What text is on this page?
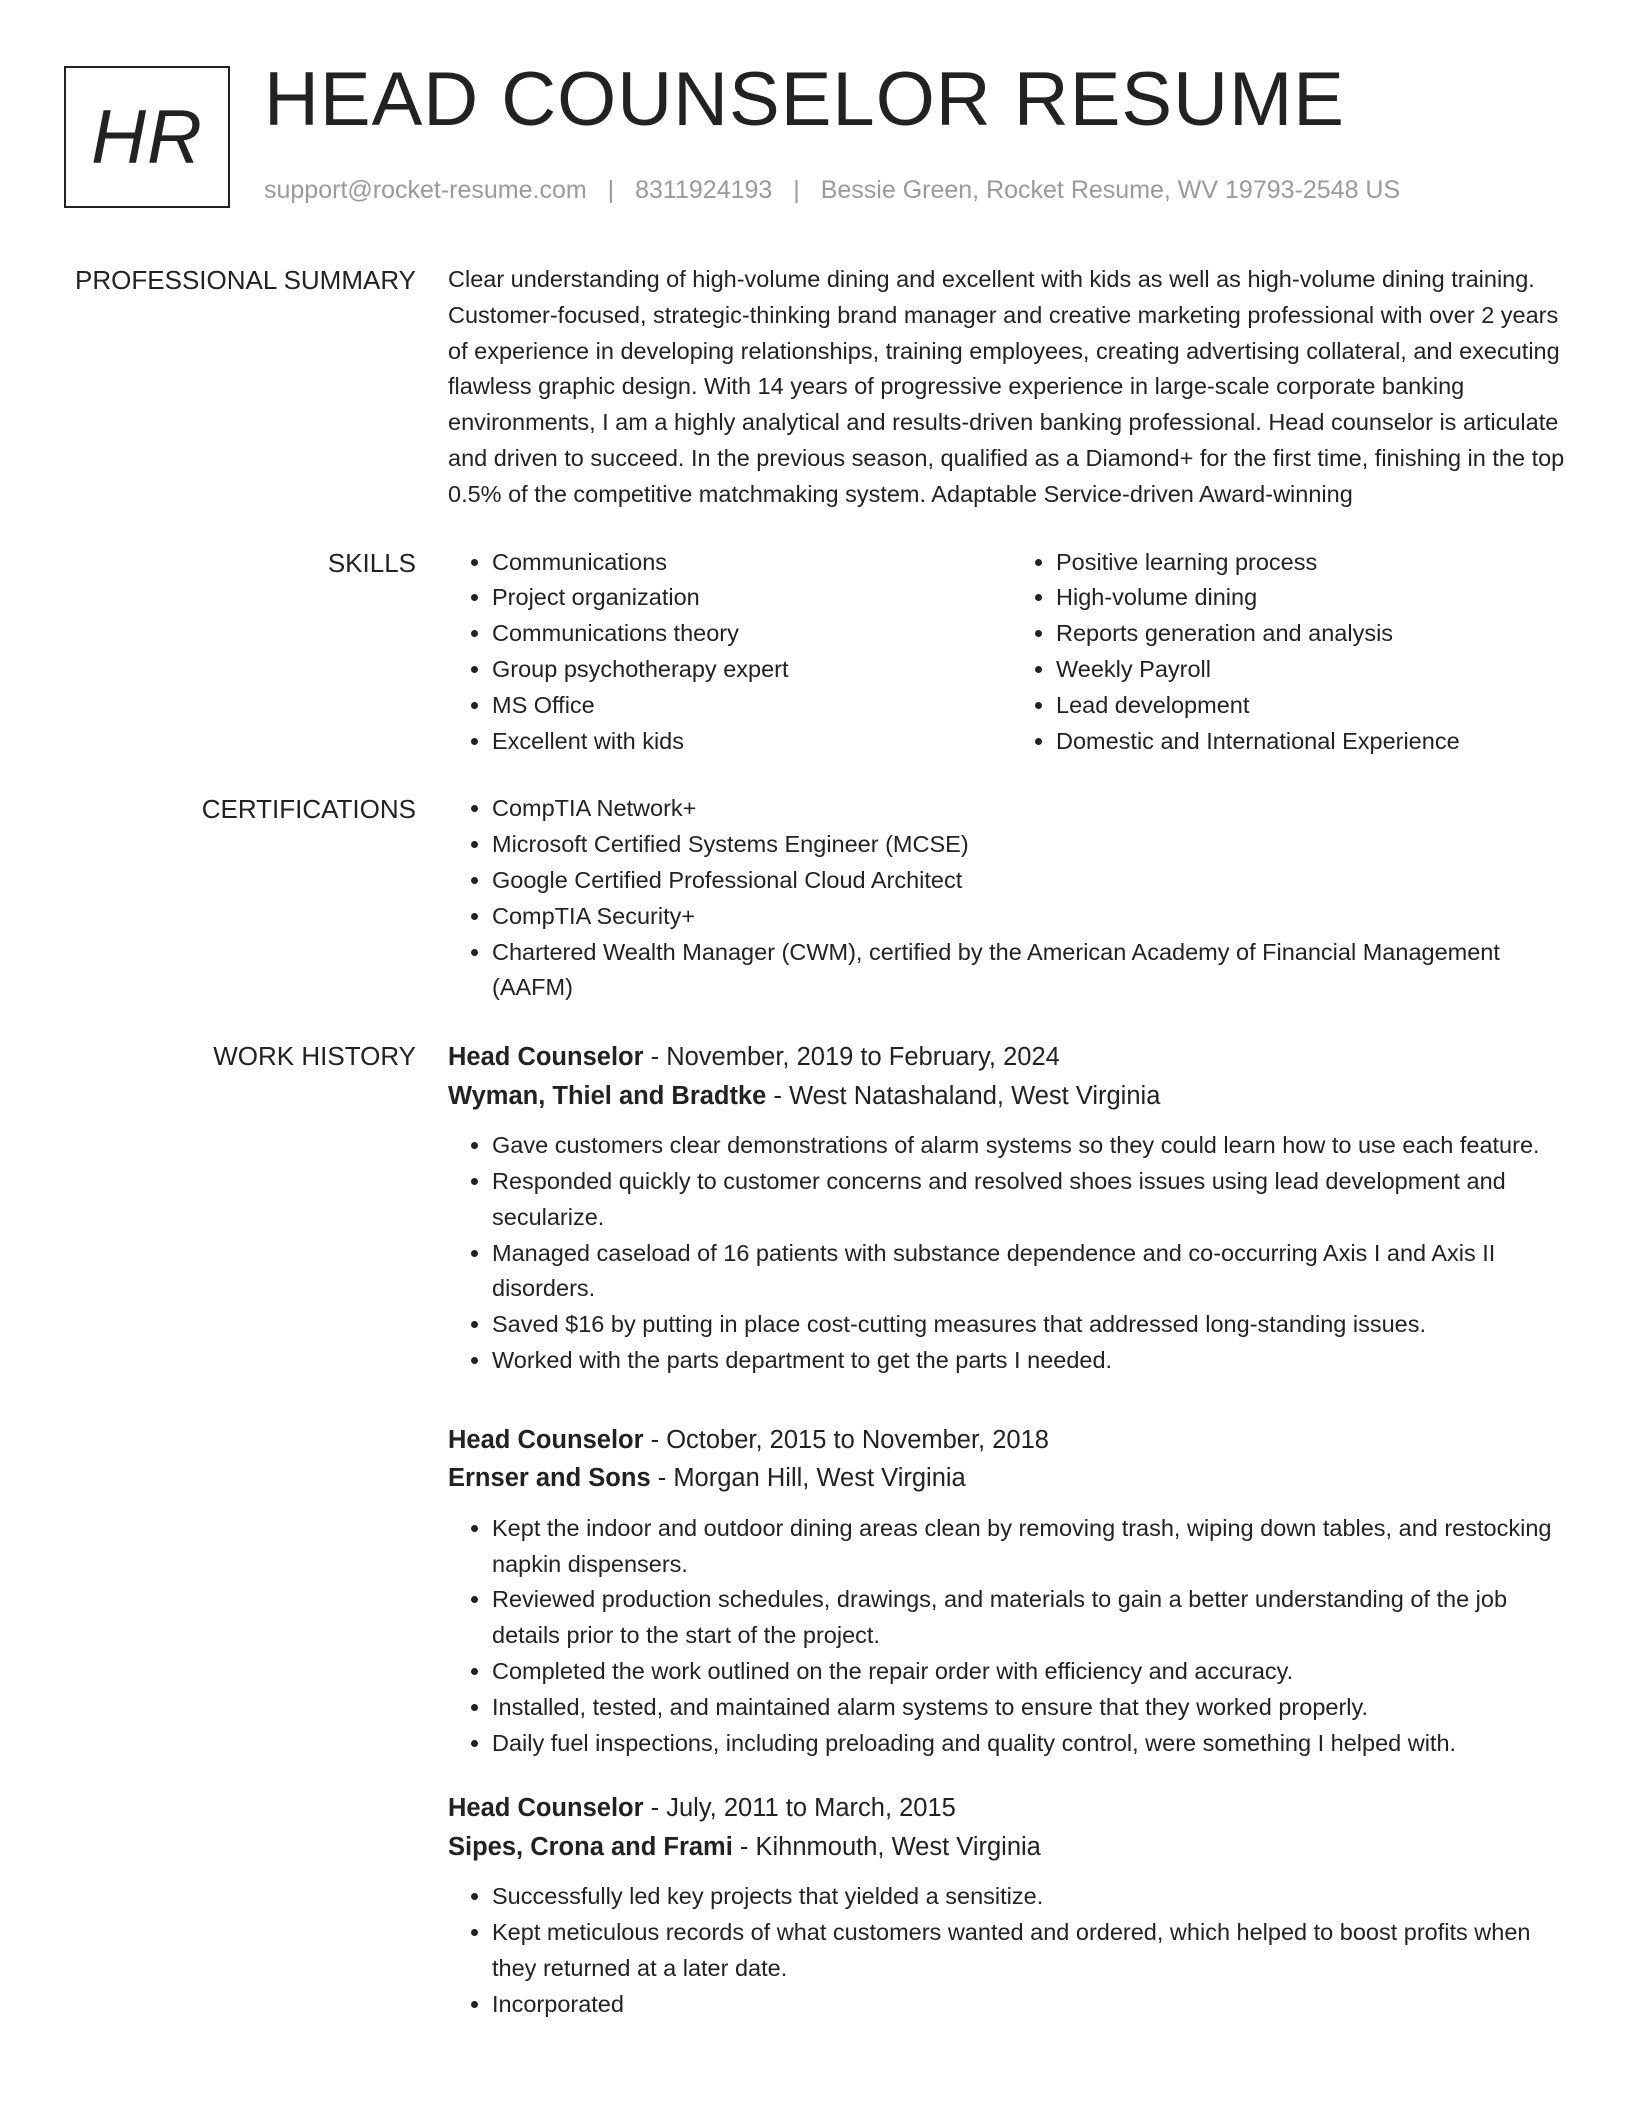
HR HEAD COUNSELOR RESUME
support@rocket-resume.com | 8311924193 | Bessie Green, Rocket Resume, WV 19793-2548 US
PROFESSIONAL SUMMARY Clear understanding of high-volume dining and excellent with kids as well as high-volume dining training. Customer-focused, strategic-thinking brand manager and creative marketing professional with over 2 years of experience in developing relationships, training employees, creating advertising collateral, and executing flawless graphic design. With 14 years of progressive experience in large-scale corporate banking environments, I am a highly analytical and results-driven banking professional. Head counselor is articulate and driven to succeed. In the previous season, qualified as a Diamond+ for the first time, finishing in the top 0.5% of the competitive matchmaking system. Adaptable Service-driven Award-winning

SKILLS	• Communications
• Project organization
• Communications theory
• Group psychotherapy expert
• MS Office
• Excellent with kids
• Positive learning process
• High-volume dining
• Reports generation and analysis
• Weekly Payroll
• Lead development
• Domestic and International Experience
CERTIFICATIONS	• CompTIA Network+
• Microsoft Certified Systems Engineer (MCSE)
• Google Certified Professional Cloud Architect
• CompTIA Security+
• Chartered Wealth Manager (CWM), certified by the American Academy of Financial Management (AAFM)
WORK HISTORY Head Counselor - November, 2019 to February, 2024

Wyman, Thiel and Bradtke - West Natashaland, West Virginia

• Gave customers clear demonstrations of alarm systems so they could learn how to use each feature.
• Responded quickly to customer concerns and resolved shoes issues using lead development and secularize.
• Managed caseload of 16 patients with substance dependence and co-occurring Axis I and Axis II disorders.
• Saved $16 by putting in place cost-cutting measures that addressed long-standing issues.
• Worked with the parts department to get the parts I needed.

Head Counselor - October, 2015 to November, 2018

Ernser and Sons - Morgan Hill, West Virginia

• Kept the indoor and outdoor dining areas clean by removing trash, wiping down tables, and restocking napkin dispensers.
• Reviewed production schedules, drawings, and materials to gain a better understanding of the job details prior to the start of the project.
• Completed the work outlined on the repair order with efficiency and accuracy.
• Installed, tested, and maintained alarm systems to ensure that they worked properly.
• Daily fuel inspections, including preloading and quality control, were something I helped with.

Head Counselor - July, 2011 to March, 2015

Sipes, Crona and Frami - Kihnmouth, West Virginia

• Successfully led key projects that yielded a sensitize.
• Kept meticulous records of what customers wanted and ordered, which helped to boost profits when they returned at a later date.
• Incorporated
